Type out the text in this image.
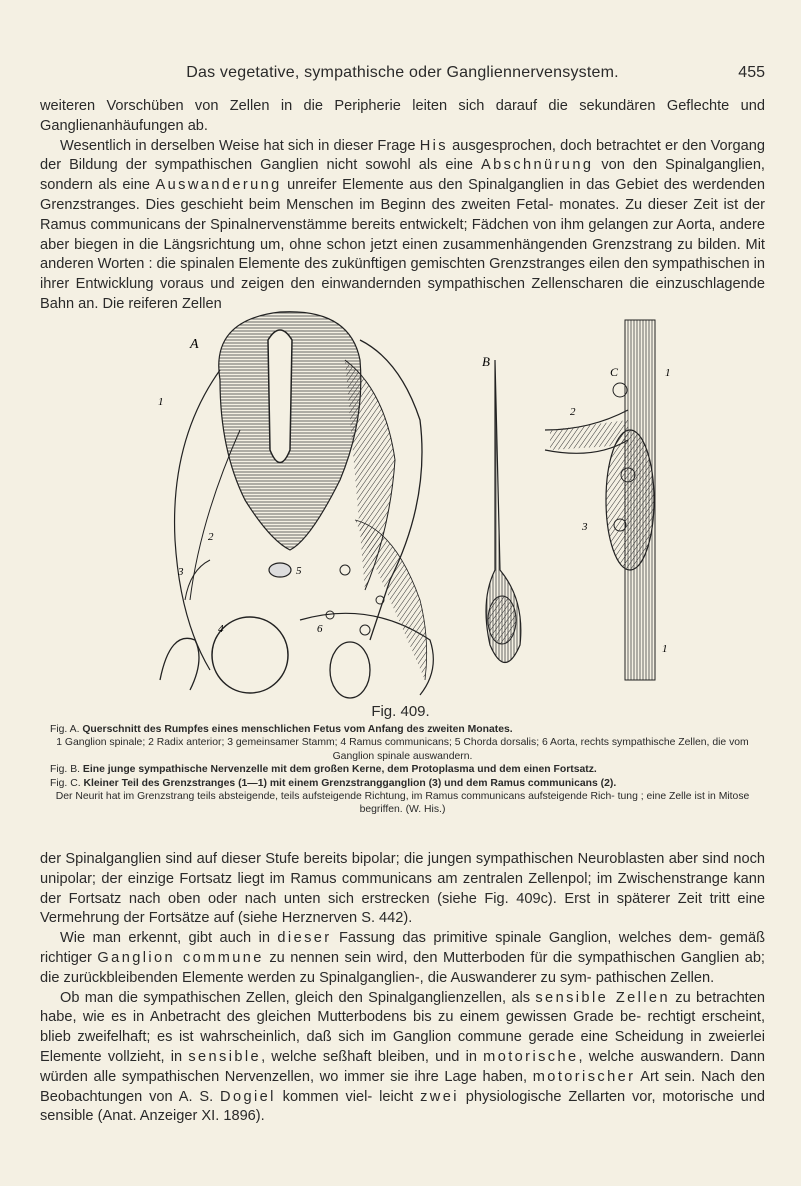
Das vegetative, sympathische oder Gangliennervensystem.	455

weiteren Vorschüben von Zellen in die Peripherie leiten sich darauf die sekundären Geflechte und Ganglienanhäufungen ab.

Wesentlich in derselben Weise hat sich in dieser Frage His ausgesprochen, doch betrachtet er den Vorgang der Bildung der sympathischen Ganglien nicht sowohl als eine Abschnürung von den Spinalganglien, sondern als eine Auswanderung unreifer Elemente aus den Spinalganglien in das Gebiet des werdenden Grenzstranges. Dies geschieht beim Menschen im Beginn des zweiten Fetal- monates. Zu dieser Zeit ist der Ramus communicans der Spinalnervenstämme bereits entwickelt; Fädchen von ihm gelangen zur Aorta, andere aber biegen in die Längsrichtung um, ohne schon jetzt einen zusammenhängenden Grenzstrang zu bilden. Mit anderen Worten : die spinalen Elemente des zukünftigen gemischten Grenzstranges eilen den sympathischen in ihrer Entwicklung voraus und zeigen den einwandernden sympathischen Zellenscharen die einzuschlagende Bahn an. Die reiferen Zellen

A
1
2
3
4
5
6
B
C
2
3
1
1
Fig. 409.
Fig. A. Querschnitt des Rumpfes eines menschlichen Fetus vom Anfang des zweiten Monates.
1 Ganglion spinale; 2 Radix anterior; 3 gemeinsamer Stamm; 4 Ramus communicans; 5 Chorda dorsalis; 6 Aorta, rechts sympathische Zellen, die vom Ganglion spinale auswandern.
Fig. B. Eine junge sympathische Nervenzelle mit dem großen Kerne, dem Protoplasma und dem einen Fortsatz.
Fig. C. Kleiner Teil des Grenzstranges (1—1) mit einem Grenzstrangganglion (3) und dem Ramus communicans (2).
Der Neurit hat im Grenzstrang teils absteigende, teils aufsteigende Richtung, im Ramus communicans aufsteigende Rich- tung ; eine Zelle ist in Mitose begriffen. (W. His.)

der Spinalganglien sind auf dieser Stufe bereits bipolar; die jungen sympathischen Neuroblasten aber sind noch unipolar; der einzige Fortsatz liegt im Ramus communicans am zentralen Zellenpol; im Zwischenstrange kann der Fortsatz nach oben oder nach unten sich erstrecken (siehe Fig. 409c). Erst in späterer Zeit tritt eine Vermehrung der Fortsätze auf (siehe Herznerven S. 442).

Wie man erkennt, gibt auch in dieser Fassung das primitive spinale Ganglion, welches dem- gemäß richtiger Ganglion commune zu nennen sein wird, den Mutterboden für die sympathischen Ganglien ab; die zurückbleibenden Elemente werden zu Spinalganglien-, die Auswanderer zu sym- pathischen Zellen.

Ob man die sympathischen Zellen, gleich den Spinalganglienzellen, als sensible Zellen zu betrachten habe, wie es in Anbetracht des gleichen Mutterbodens bis zu einem gewissen Grade be- rechtigt erscheint, blieb zweifelhaft; es ist wahrscheinlich, daß sich im Ganglion commune gerade eine Scheidung in zweierlei Elemente vollzieht, in sensible, welche seßhaft bleiben, und in motorische, welche auswandern. Dann würden alle sympathischen Nervenzellen, wo immer sie ihre Lage haben, motorischer Art sein. Nach den Beobachtungen von A. S. Dogiel kommen viel- leicht zwei physiologische Zellarten vor, motorische und sensible (Anat. Anzeiger XI. 1896).
